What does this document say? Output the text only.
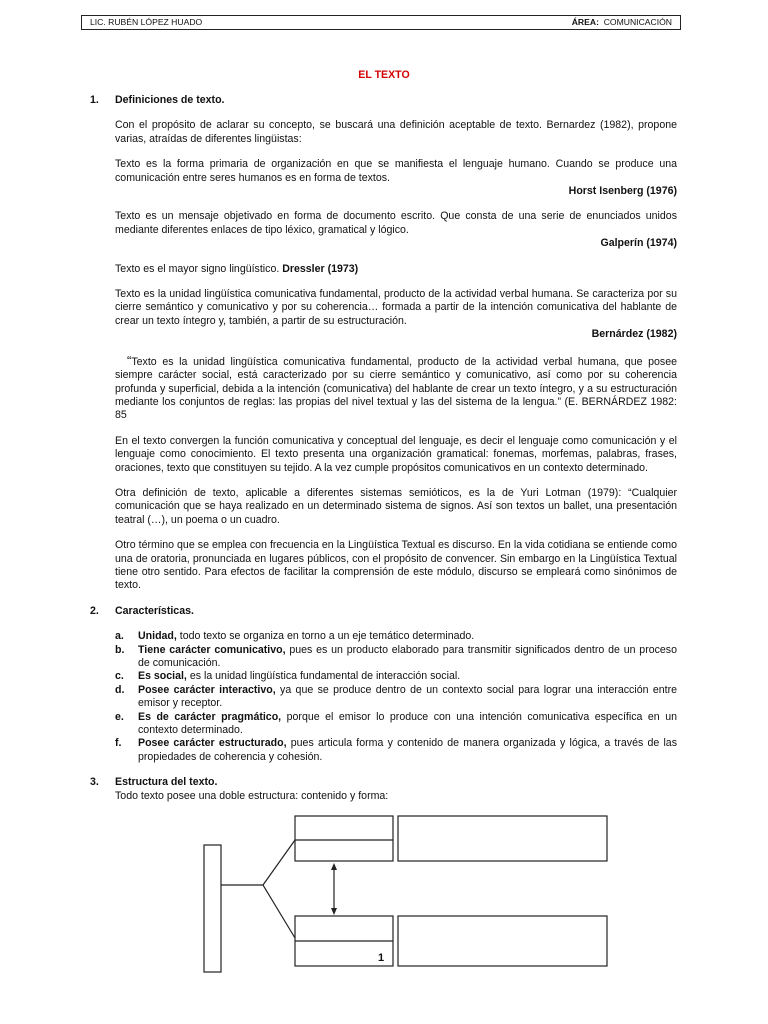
LIC. RUBÉN LÓPEZ HUADO	ÁREA: COMUNICACIÓN
EL TEXTO
1.	Definiciones de texto.

Con el propósito de aclarar su concepto, se buscará una definición aceptable de texto. Bernardez (1982), propone varias, atraídas de diferentes lingüistas:

Texto es la forma primaria de organización en que se manifiesta el lenguaje humano. Cuando se produce una comunicación entre seres humanos es en forma de textos.

Horst Isenberg (1976)

Texto es un mensaje objetivado en forma de documento escrito. Que consta de una serie de enunciados unidos mediante diferentes enlaces de tipo léxico, gramatical y lógico.

Galperín (1974)

Texto es el mayor signo lingüístico. Dressler (1973)

Texto es la unidad lingüística comunicativa fundamental, producto de la actividad verbal humana. Se caracteriza por su cierre semántico y comunicativo y por su coherencia… formada a partir de la intención comunicativa del hablante de crear un texto íntegro y, también, a partir de su estructuración.

Bernárdez (1982)

“Texto es la unidad lingüística comunicativa fundamental, producto de la actividad verbal humana, que posee siempre carácter social, está caracterizado por su cierre semántico y comunicativo, así como por su coherencia profunda y superficial, debida a la intención (comunicativa) del hablante de crear un texto íntegro, y a su estructuración mediante los conjuntos de reglas: las propias del nivel textual y las del sistema de la lengua.” (E. BERNÁRDEZ 1982: 85

En el texto convergen la función comunicativa y conceptual del lenguaje, es decir el lenguaje como comunicación y el lenguaje como conocimiento. El texto presenta una organización gramatical: fonemas, morfemas, palabras, frases, oraciones, texto que constituyen su tejido. A la vez cumple propósitos comunicativos en un contexto determinado.

Otra definición de texto, aplicable a diferentes sistemas semióticos, es la de Yuri Lotman (1979): “Cualquier comunicación que se haya realizado en un determinado sistema de signos. Así son textos un ballet, una presentación teatral (…), un poema o un cuadro.

Otro término que se emplea con frecuencia en la Lingüística Textual es discurso. En la vida cotidiana se entiende como una de oratoria, pronunciada en lugares públicos, con el propósito de convencer. Sin embargo en la Lingüística Textual tiene otro sentido. Para efectos de facilitar la comprensión de este módulo, discurso se empleará como sinónimos de texto.

2.	Características.
a.	Unidad, todo texto se organiza en torno a un eje temático determinado.
b.	Tiene carácter comunicativo, pues es un producto elaborado para transmitir significados dentro de un proceso de comunicación.
c.	Es social, es la unidad lingüística fundamental de interacción social.
d.	Posee carácter interactivo, ya que se produce dentro de un contexto social para lograr una interacción entre emisor y receptor.
e.	Es de carácter pragmático, porque el emisor lo produce con una intención comunicativa específica en un contexto determinado.
f.	Posee carácter estructurado, pues articula forma y contenido de manera organizada y lógica, a través de las propiedades de coherencia y cohesión.
3.	Estructura del texto.

Todo texto posee una doble estructura: contenido y forma:

1
